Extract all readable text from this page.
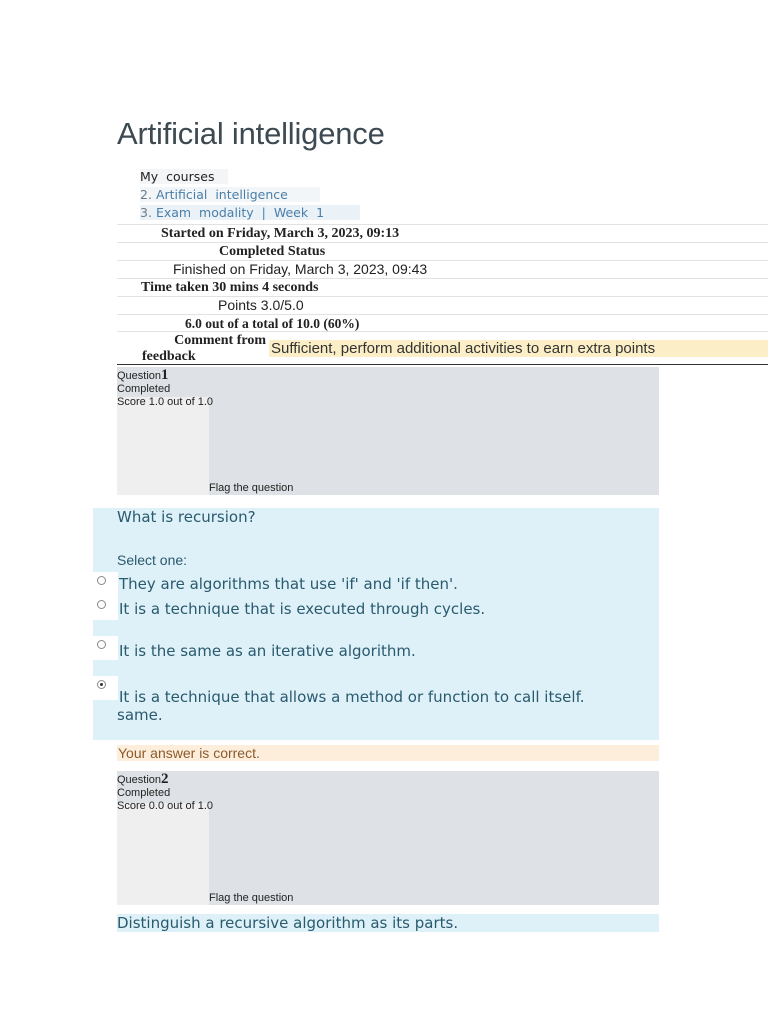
Artificial intelligence
My courses
2. Artificial intelligence
3. Exam modality | Week 1
Started on Friday, March 3, 2023, 09:13
Completed Status
Finished on Friday, March 3, 2023, 09:43
Time taken 30 mins 4 seconds
Points 3.0/5.0
6.0 out of a total of 10.0 (60%)
Comment from
feedback	Sufficient, perform additional activities to earn extra points
Question1
Completed
Score 1.0 out of 1.0
Flag the question
What is recursion?
Select one:
They are algorithms that use 'if' and 'if then'.
It is a technique that is executed through cycles.
It is the same as an iterative algorithm.
It is a technique that allows a method or function to call itself.
same.
Your answer is correct.
Question2
Completed
Score 0.0 out of 1.0
Flag the question
Distinguish a recursive algorithm as its parts.
